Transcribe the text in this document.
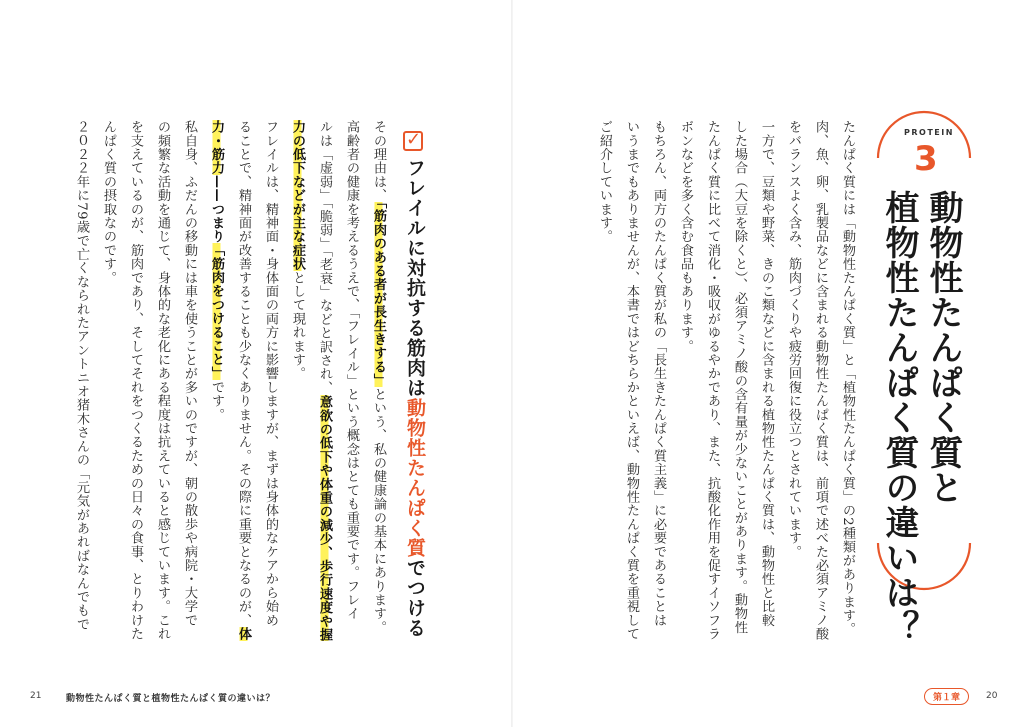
PROTEIN
3
動物性たんぱく質と
植物性たんぱく質の違いは？
たんぱく質には「動物性たんぱく質」と「植物性たんぱく質」の2種類があります。
肉、魚、卵、乳製品などに含まれる動物性たんぱく質は、前項で述べた必須アミノ酸
をバランスよく含み、筋肉づくりや疲労回復に役立つとされています。
一方で、豆類や野菜、きのこ類などに含まれる植物性たんぱく質は、動物性と比較
した場合（大豆を除くと）、必須アミノ酸の含有量が少ないことがあります。動物性
たんぱく質に比べて消化・吸収がゆるやかであり、また、抗酸化作用を促すイソフラ
ボンなどを多く含む食品もあります。
もちろん、両方のたんぱく質が私の「長生きたんぱく質主義」に必要であることは
いうまでもありませんが、本書ではどちらかといえば、動物性たんぱく質を重視して
ご紹介しています。
第１章	20
✓
フレイルに対抗する筋肉は動物性たんぱく質でつける
その理由は、「筋肉のある者が長生きする」という、私の健康論の基本にあります。
高齢者の健康を考えるうえで、「フレイル」という概念はとても重要です。フレイ
ルは「虚弱」「脆弱」「老衰」などと訳され、意欲の低下や体重の減少、歩行速度や握
力の低下などが主な症状として現れます。
フレイルは、精神面・身体面の両方に影響しますが、まずは身体的なケアから始め
ることで、精神面が改善することも少なくありません。その際に重要となるのが、体
力・筋力——つまり「筋肉をつけること」です。
私自身、ふだんの移動には車を使うことが多いのですが、朝の散歩や病院・大学で
の頻繁な活動を通じて、身体的な老化にある程度は抗えていると感じています。これ
を支えているのが、筋肉であり、そしてそれをつくるための日々の食事、とりわけた
んぱく質の摂取なのです。
２０２２年に79歳で亡くなられたアントニオ猪木さんの「元気があればなんでもで
21	動物性たんぱく質と植物性たんぱく質の違いは？
